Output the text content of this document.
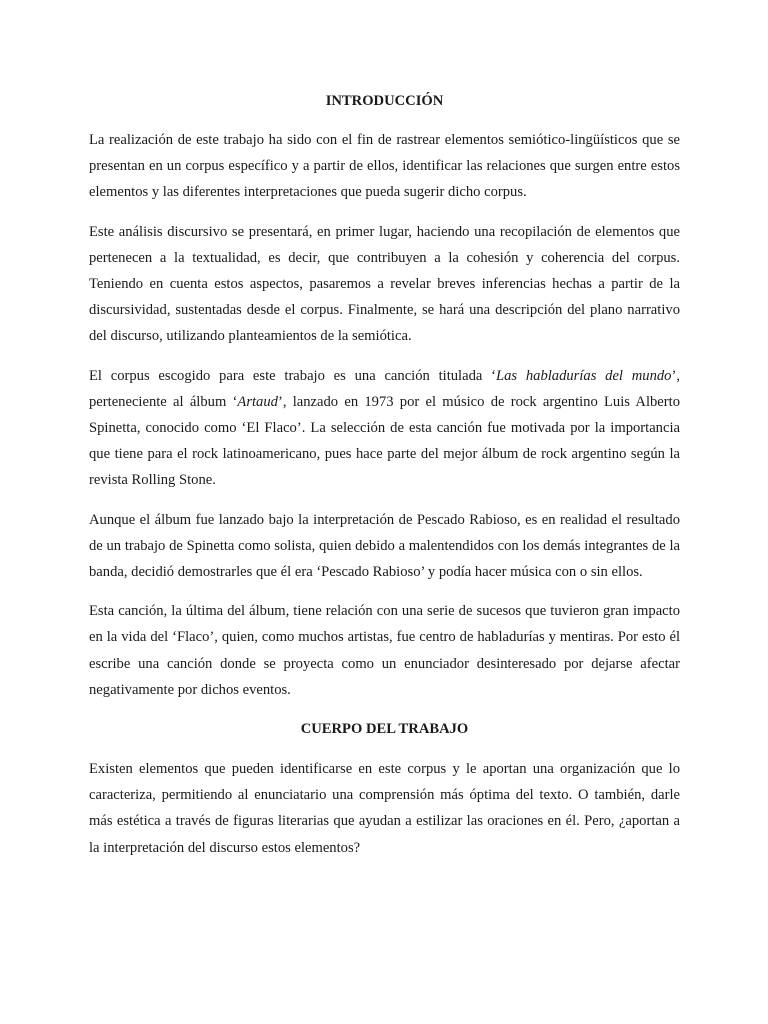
INTRODUCCIÓN

La realización de este trabajo ha sido con el fin de rastrear elementos semiótico-lingüísticos que se presentan en un corpus específico y a partir de ellos, identificar las relaciones que surgen entre estos elementos y las diferentes interpretaciones que pueda sugerir dicho corpus.

Este análisis discursivo se presentará, en primer lugar, haciendo una recopilación de elementos que pertenecen a la textualidad, es decir, que contribuyen a la cohesión y coherencia del corpus. Teniendo en cuenta estos aspectos, pasaremos a revelar breves inferencias hechas a partir de la discursividad, sustentadas desde el corpus. Finalmente, se hará una descripción del plano narrativo del discurso, utilizando planteamientos de la semiótica.

El corpus escogido para este trabajo es una canción titulada ‘Las habladurías del mundo’, perteneciente al álbum ‘Artaud’, lanzado en 1973 por el músico de rock argentino Luis Alberto Spinetta, conocido como ‘El Flaco’. La selección de esta canción fue motivada por la importancia que tiene para el rock latinoamericano, pues hace parte del mejor álbum de rock argentino según la revista Rolling Stone.

Aunque el álbum fue lanzado bajo la interpretación de Pescado Rabioso, es en realidad el resultado de un trabajo de Spinetta como solista, quien debido a malentendidos con los demás integrantes de la banda, decidió demostrarles que él era ‘Pescado Rabioso’ y podía hacer música con o sin ellos.

Esta canción, la última del álbum, tiene relación con una serie de sucesos que tuvieron gran impacto en la vida del ‘Flaco’, quien, como muchos artistas, fue centro de habladurías y mentiras. Por esto él escribe una canción donde se proyecta como un enunciador desinteresado por dejarse afectar negativamente por dichos eventos.

CUERPO DEL TRABAJO

Existen elementos que pueden identificarse en este corpus y le aportan una organización que lo caracteriza, permitiendo al enunciatario una comprensión más óptima del texto. O también, darle más estética a través de figuras literarias que ayudan a estilizar las oraciones en él. Pero, ¿aportan a la interpretación del discurso estos elementos?
